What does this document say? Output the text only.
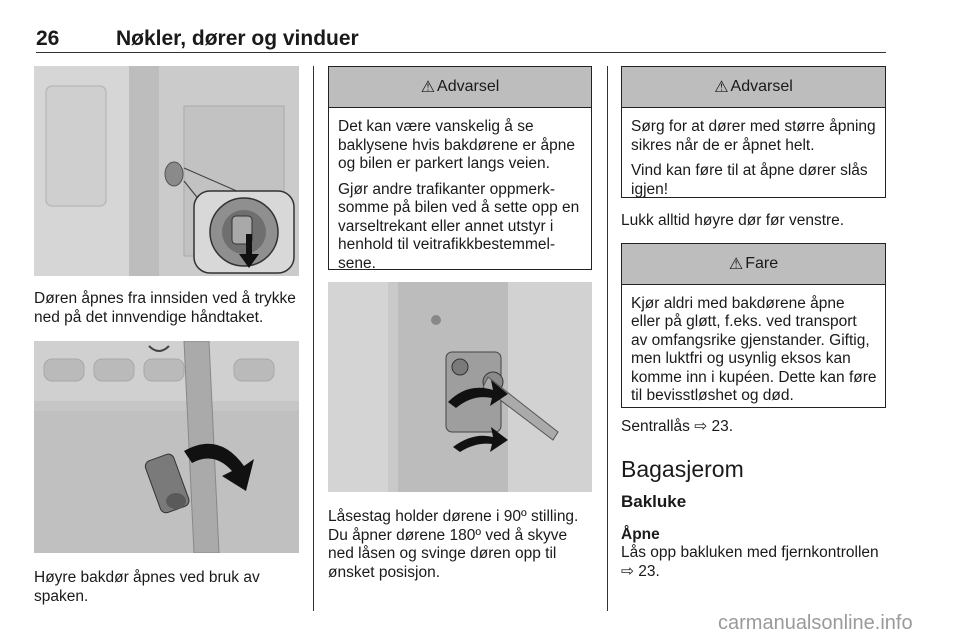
26	Nøkler, dører og vinduer

Døren åpnes fra innsiden ved å trykke ned på det innvendige håndtaket.

Høyre bakdør åpnes ved bruk av spaken.

⚠ Advarsel

Det kan være vanskelig å se baklysene hvis bakdørene er åpne og bilen er parkert langs veien.

Gjør andre trafikanter oppmerk-somme på bilen ved å sette opp en varseltrekant eller annet utstyr i henhold til veitrafikkbestemmel-sene.

Låsestag holder dørene i 90º stilling. Du åpner dørene 180º ved å skyve ned låsen og svinge døren opp til ønsket posisjon.

⚠ Advarsel

Sørg for at dører med større åpning sikres når de er åpnet helt.

Vind kan føre til at åpne dører slås igjen!

Lukk alltid høyre dør før venstre.

⚠ Fare

Kjør aldri med bakdørene åpne eller på gløtt, f.eks. ved transport av omfangsrike gjenstander. Giftig, men luktfri og usynlig eksos kan komme inn i kupéen. Dette kan føre til bevisstløshet og død.

Sentrallås ⇨ 23.

Bagasjerom

Bakluke

Åpne

Lås opp bakluken med fjernkontrollen ⇨ 23.

carmanualsonline.info
